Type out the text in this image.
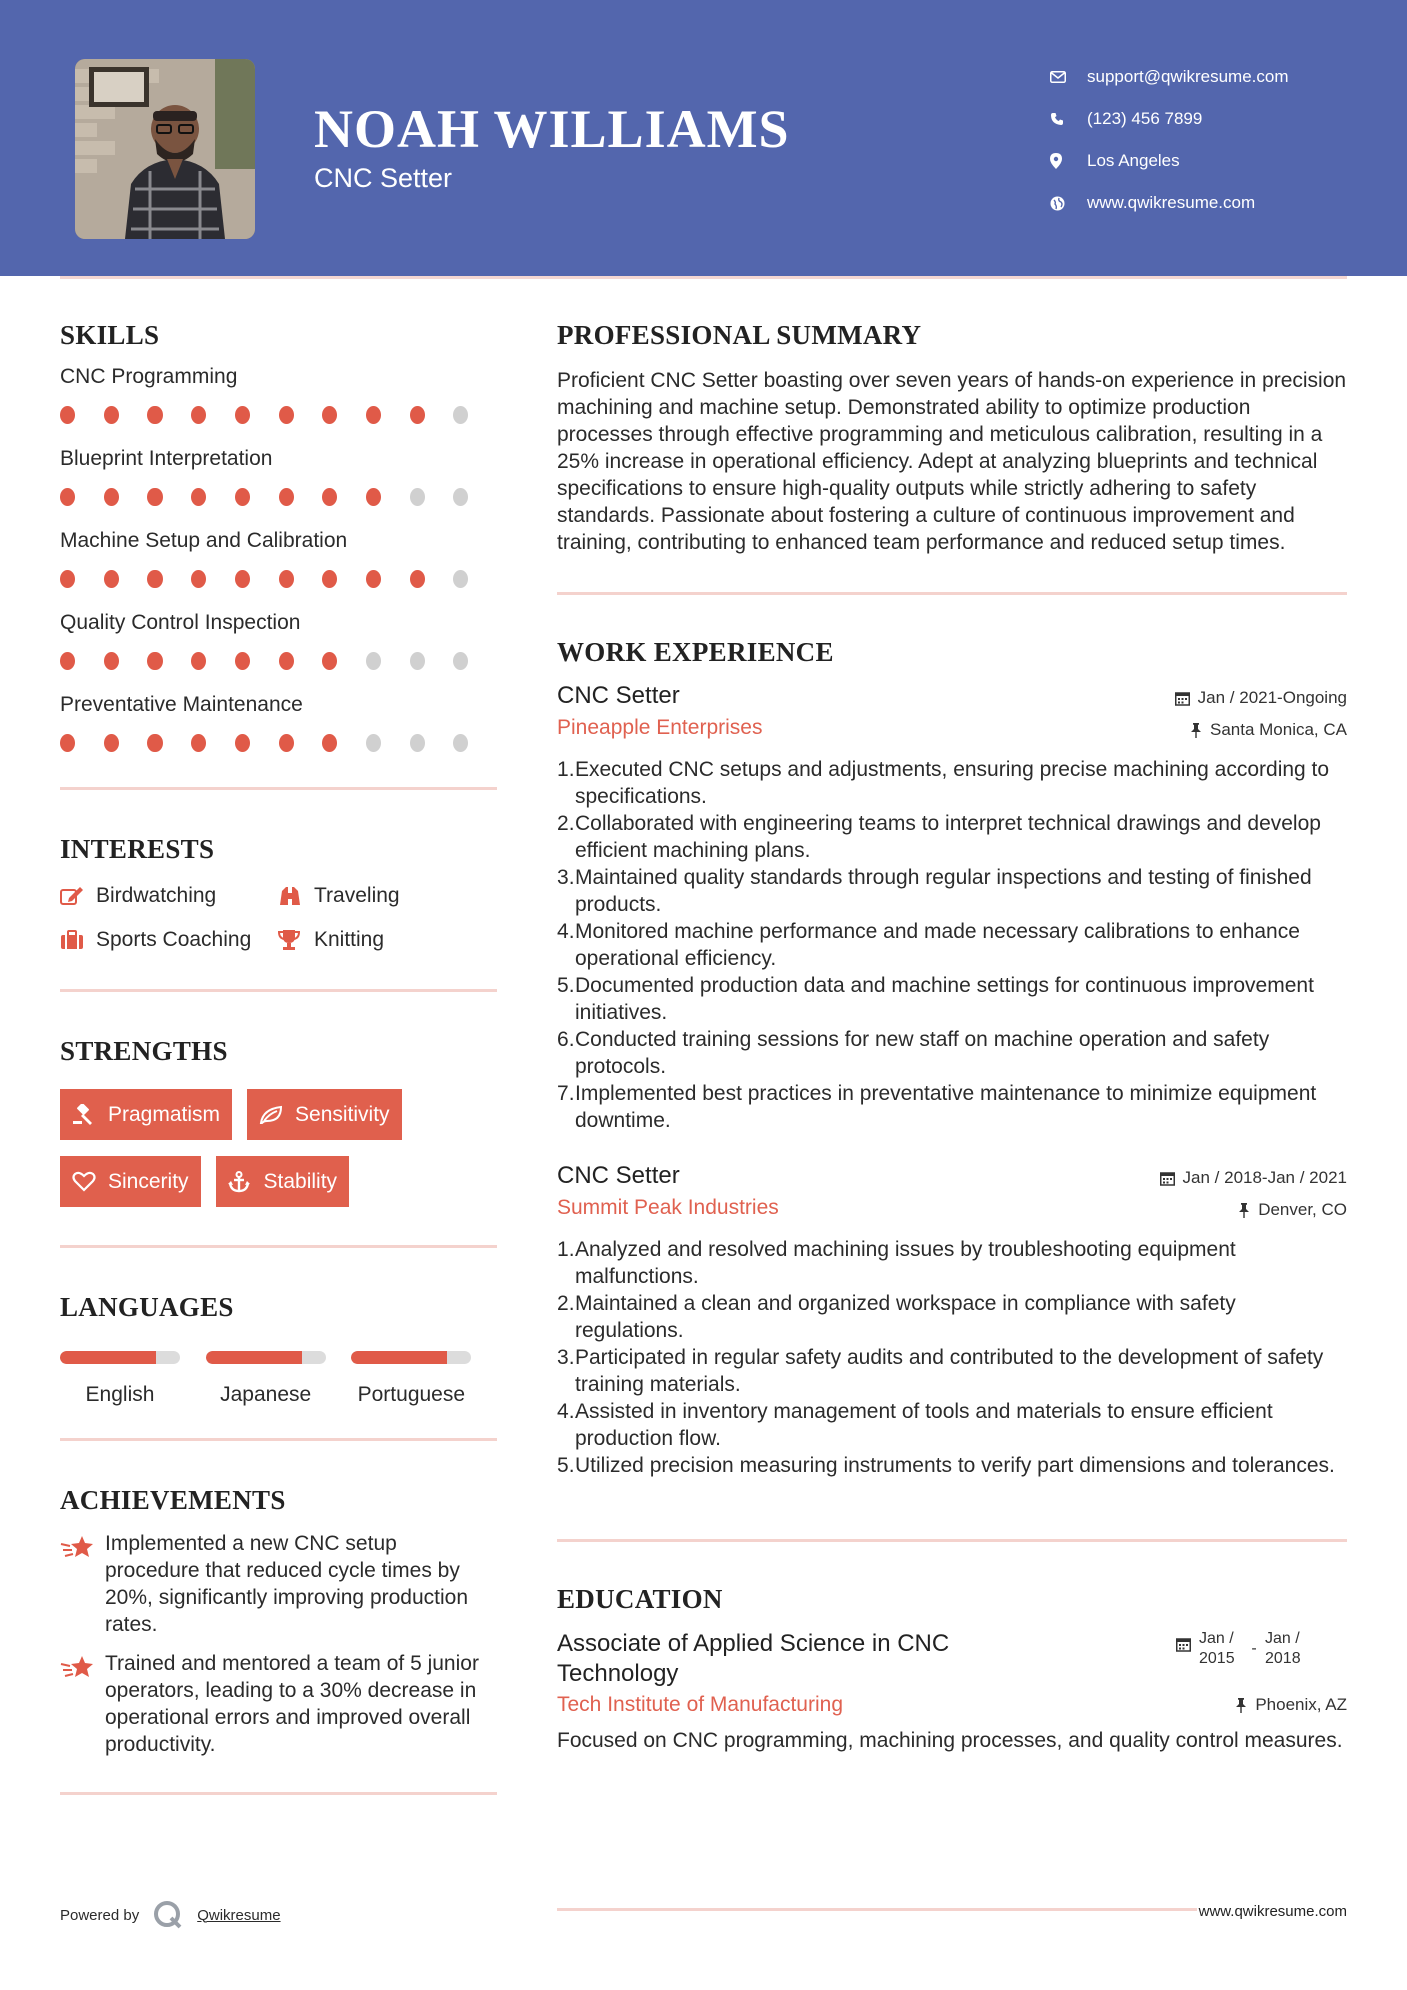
NOAH WILLIAMS
CNC Setter
support@qwikresume.com
(123) 456 7899
Los Angeles
www.qwikresume.com
SKILLS
CNC Programming
Blueprint Interpretation
Machine Setup and Calibration
Quality Control Inspection
Preventative Maintenance
INTERESTS
Birdwatching	Traveling
Sports Coaching	Knitting
STRENGTHS
Pragmatism	Sensitivity
Sincerity	Stability
LANGUAGES
English	Japanese	Portuguese
ACHIEVEMENTS
Implemented a new CNC setup procedure that reduced cycle times by 20%, significantly improving production rates.
Trained and mentored a team of 5 junior operators, leading to a 30% decrease in operational errors and improved overall productivity.
PROFESSIONAL SUMMARY

Proficient CNC Setter boasting over seven years of hands-on experience in precision machining and machine setup. Demonstrated ability to optimize production processes through effective programming and meticulous calibration, resulting in a 25% increase in operational efficiency. Adept at analyzing blueprints and technical specifications to ensure high-quality outputs while strictly adhering to safety standards. Passionate about fostering a culture of continuous improvement and training, contributing to enhanced team performance and reduced setup times.

WORK EXPERIENCE
CNC Setter	Jan / 2021-Ongoing
Pineapple Enterprises	Santa Monica, CA
Executed CNC setups and adjustments, ensuring precise machining according to specifications.
Collaborated with engineering teams to interpret technical drawings and develop efficient machining plans.
Maintained quality standards through regular inspections and testing of finished products.
Monitored machine performance and made necessary calibrations to enhance operational efficiency.
Documented production data and machine settings for continuous improvement initiatives.
Conducted training sessions for new staff on machine operation and safety protocols.
Implemented best practices in preventative maintenance to minimize equipment downtime.
CNC Setter	Jan / 2018-Jan / 2021
Summit Peak Industries	Denver, CO
Analyzed and resolved machining issues by troubleshooting equipment malfunctions.
Maintained a clean and organized workspace in compliance with safety regulations.
Participated in regular safety audits and contributed to the development of safety training materials.
Assisted in inventory management of tools and materials to ensure efficient production flow.
Utilized precision measuring instruments to verify part dimensions and tolerances.
EDUCATION
Associate of Applied Science in CNC Technology
Jan / 2015
-
Jan / 2018
Tech Institute of Manufacturing	Phoenix, AZ

Focused on CNC programming, machining processes, and quality control measures.

Powered by	Qwikresume	www.qwikresume.com
